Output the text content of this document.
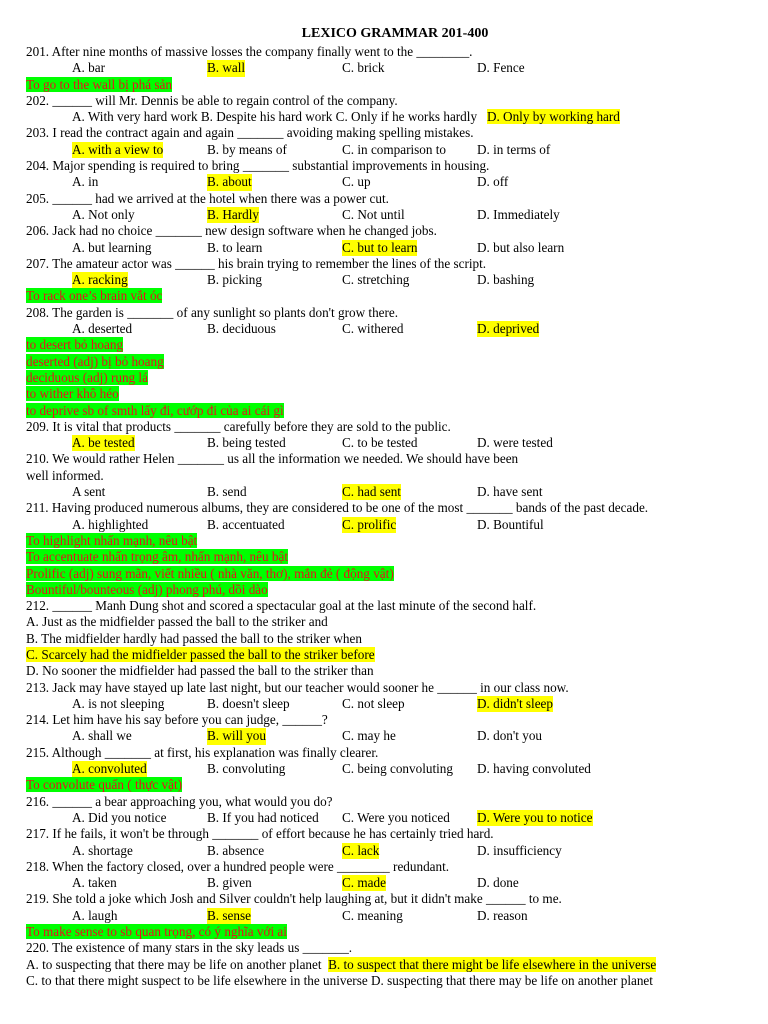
LEXICO GRAMMAR 201-400
201. After nine months of massive losses the company finally went to the ________.
A. bar	B. wall	C. brick	D. Fence
To go to the wall bị phá sản
202. ______ will Mr. Dennis be able to regain control of the company.
A. With very hard work B. Despite his hard work C. Only if he works hardly   D. Only by working hard
203. I read the contract again and again _______ avoiding making spelling mistakes.
A. with a view to	B. by means of	C. in comparison to D. in terms of
204. Major spending is required to bring _______ substantial improvements in housing.
A. in	B. about	C. up	D. off
205. ______ had we arrived at the hotel when there was a power cut.
A. Not only	B. Hardly	C. Not until	D. Immediately
206. Jack had no choice _______ new design software when he changed jobs.
A. but learning	B. to learn	C. but to learn	D. but also learn
207. The amateur actor was ______ his brain trying to remember the lines of the script.
A. racking	B. picking	C. stretching	D. bashing
To rack one’s brain vắt óc
208. The garden is _______ of any sunlight so plants don't grow there.
A. deserted	B. deciduous	C. withered	D. deprived
to desert bỏ hoang
deserted (adj) bị bỏ hoang
deciduous (adj) rụng lá
to wither khô héo
to deprive sb of smth lấy đi, cướp đi của ai cái gì
209. It is vital that products _______ carefully before they are sold to the public.
A. be tested	B. being tested	C. to be tested	D. were tested
210. We would rather Helen _______ us all the information we needed. We should have been
well informed.
A sent	B. send	C. had sent	D. have sent
211. Having produced numerous albums, they are considered to be one of the most _______ bands of the past decade.
A. highlighted	B. accentuated	C. prolific	D. Bountiful
To highlight nhấn mạnh, nêu bật
To accentuate nhấn trọng âm, nhấn mạnh, nêu bật
Prolific (adj) sung mãn, viết nhiều ( nhà văn, thơ), mắn đẻ ( động vật)
Bountiful/bounteous (adj) phong phú, dồi dào
212. ______ Manh Dung shot and scored a spectacular goal at the last minute of the second half.
A. Just as the midfielder passed the ball to the striker and
B. The midfielder hardly had passed the ball to the striker when
C. Scarcely had the midfielder passed the ball to the striker before
D. No sooner the midfielder had passed the ball to the striker than
213. Jack may have stayed up late last night, but our teacher would sooner he ______ in our class now.
A. is not sleeping	B. doesn't sleep	C. not sleep	D. didn't sleep
214. Let him have his say before you can judge, ______?
A. shall we	B. will you	C. may he	D. don't you
215. Although _______ at first, his explanation was finally clearer.
A. convoluted	B. convoluting	C. being convoluting D. having convoluted
To convolute quấn ( thực vật)
216. ______ a bear approaching you, what would you do?
A. Did you notice	B. If you had noticed C. Were you noticed D. Were you to notice
217. If he fails, it won't be through _______ of effort because he has certainly tried hard.
A. shortage	B. absence	C. lack	D. insufficiency
218. When the factory closed, over a hundred people were ________ redundant.
A. taken	B. given	C. made	D. done
219. She told a joke which Josh and Silver couldn't help laughing at, but it didn't make ______ to me.
A. laugh	B. sense	C. meaning	D. reason
To make sense to sb quan trọng, có ý nghĩa với ai
220. The existence of many stars in the sky leads us _______.
A. to suspecting that there may be life on another planet  B. to suspect that there might be life elsewhere in the universe
C. to that there might suspect to be life elsewhere in the universe D. suspecting that there may be life on another planet
